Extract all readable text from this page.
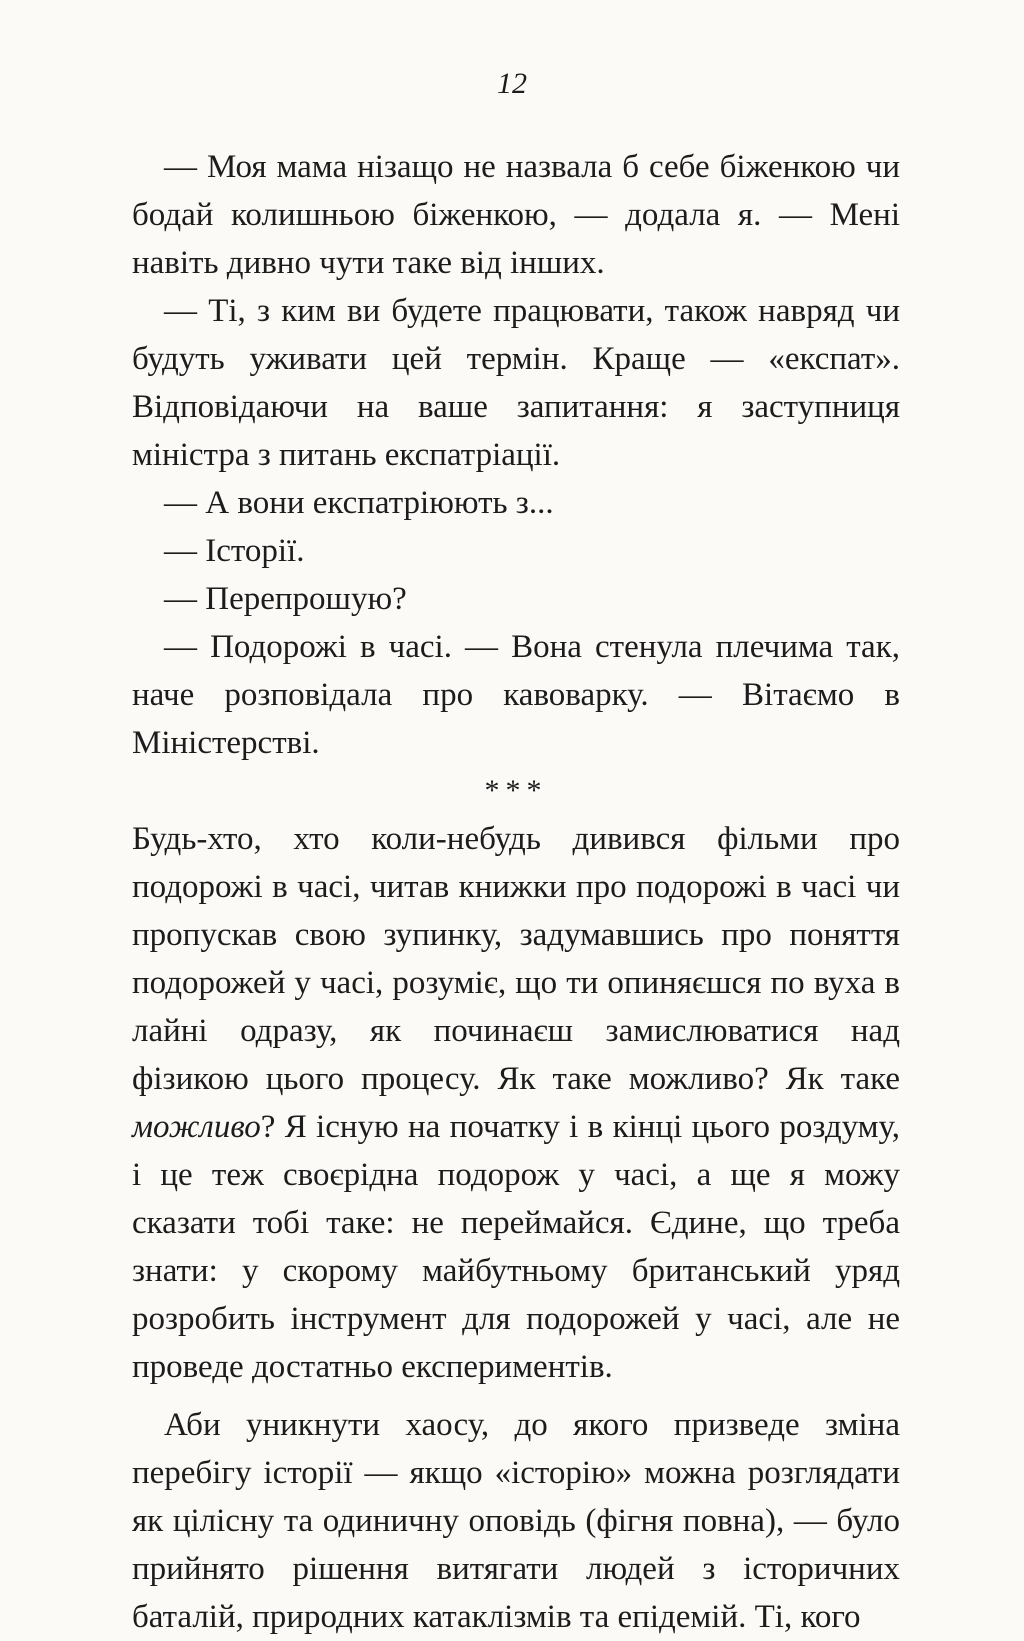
12

— Моя мама нізащо не назвала б себе біженкою чи бодай колишньою біженкою, — додала я. — Мені навіть дивно чути таке від інших.

— Ті, з ким ви будете працювати, також навряд чи будуть уживати цей термін. Краще — «експат». Відповідаючи на ваше запитання: я заступниця міністра з питань експатріації.

— А вони експатріюють з...

— Історії.

— Перепрошую?

— Подорожі в часі. — Вона стенула плечима так, наче розповідала про кавоварку. — Вітаємо в Міністерстві.

***

Будь-хто, хто коли-небудь дивився фільми про подорожі в часі, читав книжки про подорожі в часі чи пропускав свою зупинку, задумавшись про поняття подорожей у часі, розуміє, що ти опиняєшся по вуха в лайні одразу, як починаєш замислюватися над фізикою цього процесу. Як таке можливо? Як таке можливо? Я існую на початку і в кінці цього роздуму, і це теж своєрідна подорож у часі, а ще я можу сказати тобі таке: не переймайся. Єдине, що треба знати: у скорому майбутньому британський уряд розробить інструмент для подорожей у часі, але не проведе достатньо експериментів.

Аби уникнути хаосу, до якого призведе зміна перебігу історії — якщо «історію» можна розглядати як цілісну та одиничну оповідь (фігня повна), — було прийнято рішення витягати людей з історичних баталій, природних катаклізмів та епідемій. Ті, кого
